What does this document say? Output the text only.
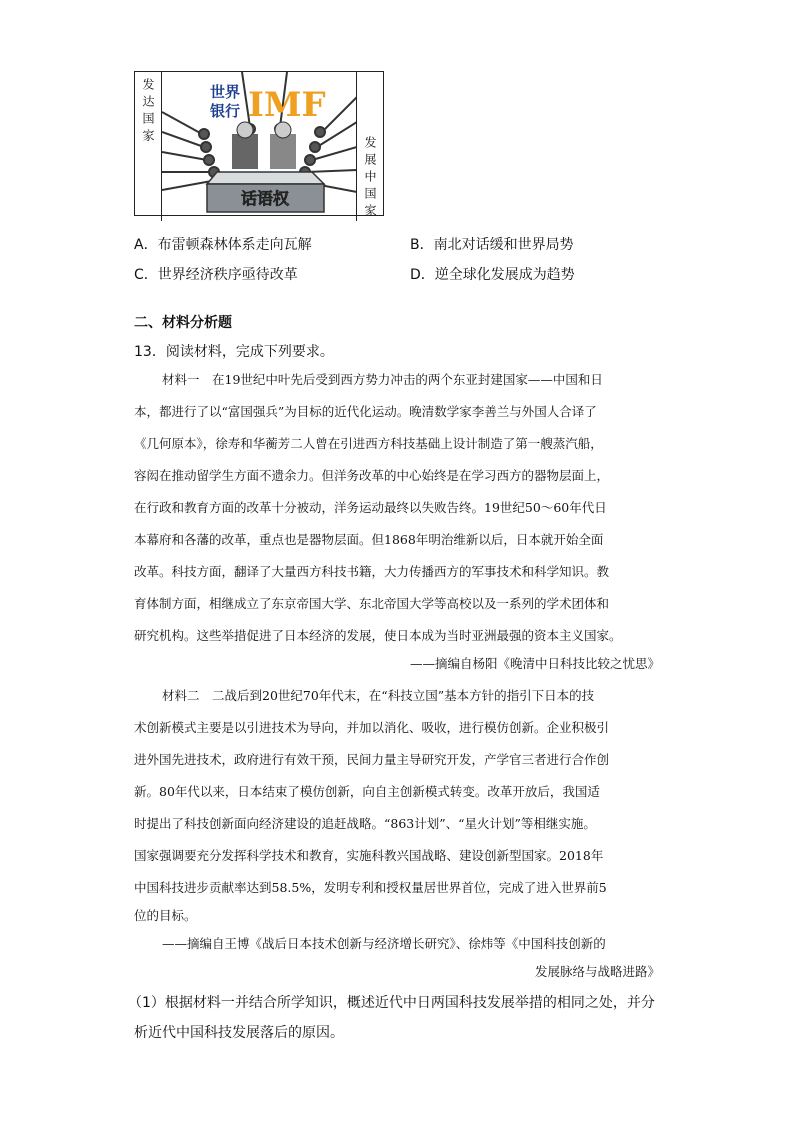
发达国家	世界
银行 IMF
话语权	发展中国家
A．布雷顿森林体系走向瓦解	B．南北对话缓和世界局势
C．世界经济秩序亟待改革	D．逆全球化发展成为趋势
二、材料分析题
13．阅读材料，完成下列要求。
材料一　在19世纪中叶先后受到西方势力冲击的两个东亚封建国家——中国和日
本，都进行了以“富国强兵”为目标的近代化运动。晚清数学家李善兰与外国人合译了
《几何原本》，徐寿和华蘅芳二人曾在引进西方科技基础上设计制造了第一艘蒸汽船，
容闳在推动留学生方面不遗余力。但洋务改革的中心始终是在学习西方的器物层面上，
在行政和教育方面的改革十分被动，洋务运动最终以失败告终。19世纪50～60年代日
本幕府和各藩的改革，重点也是器物层面。但1868年明治维新以后，日本就开始全面
改革。科技方面，翻译了大量西方科技书籍，大力传播西方的军事技术和科学知识。教
育体制方面，相继成立了东京帝国大学、东北帝国大学等高校以及一系列的学术团体和
研究机构。这些举措促进了日本经济的发展，使日本成为当时亚洲最强的资本主义国家。
——摘编自杨阳《晚清中日科技比较之忧思》
材料二　二战后到20世纪70年代末，在“科技立国”基本方针的指引下日本的技
术创新模式主要是以引进技术为导向，并加以消化、吸收，进行模仿创新。企业积极引
进外国先进技术，政府进行有效干预，民间力量主导研究开发，产学官三者进行合作创
新。80年代以来，日本结束了模仿创新，向自主创新模式转变。改革开放后，我国适
时提出了科技创新面向经济建设的追赶战略。“863计划”、“星火计划”等相继实施。
国家强调要充分发挥科学技术和教育，实施科教兴国战略、建设创新型国家。2018年
中国科技进步贡献率达到58.5%，发明专利和授权量居世界首位，完成了进入世界前5
位的目标。
——摘编自王博《战后日本技术创新与经济增长研究》、徐炜等《中国科技创新的
发展脉络与战略进路》
（1）根据材料一并结合所学知识，概述近代中日两国科技发展举措的相同之处，并分
析近代中国科技发展落后的原因。
